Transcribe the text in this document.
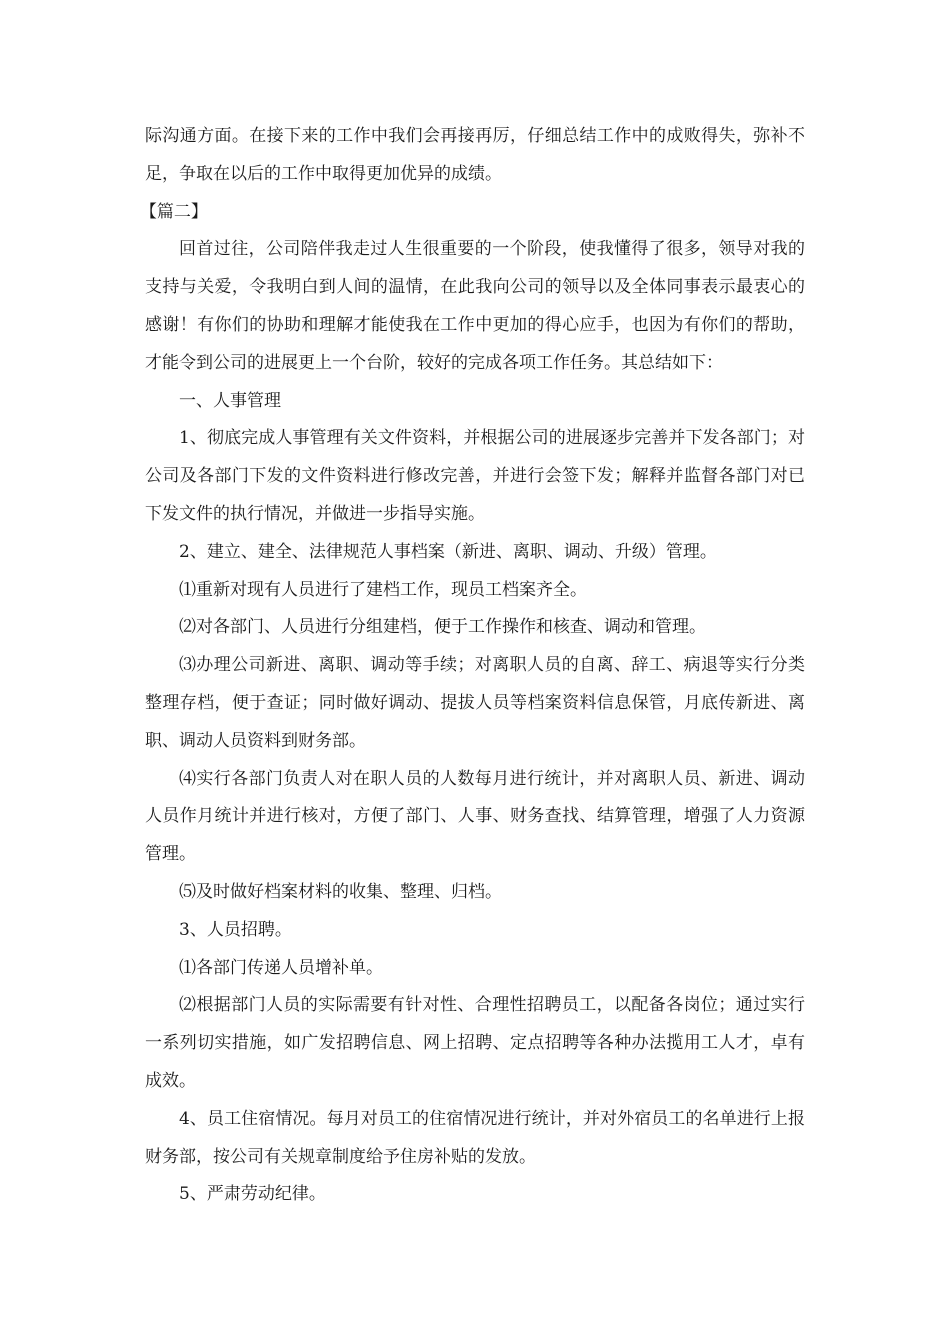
际沟通方面。在接下来的工作中我们会再接再厉，仔细总结工作中的成败得失，弥补不足，争取在以后的工作中取得更加优异的成绩。

【篇二】

回首过往，公司陪伴我走过人生很重要的一个阶段，使我懂得了很多，领导对我的支持与关爱，令我明白到人间的温情，在此我向公司的领导以及全体同事表示最衷心的感谢！有你们的协助和理解才能使我在工作中更加的得心应手，也因为有你们的帮助，才能令到公司的进展更上一个台阶，较好的完成各项工作任务。其总结如下：

一、人事管理

1、彻底完成人事管理有关文件资料，并根据公司的进展逐步完善并下发各部门；对公司及各部门下发的文件资料进行修改完善，并进行会签下发；解释并监督各部门对已下发文件的执行情况，并做进一步指导实施。

2、建立、建全、法律规范人事档案（新进、离职、调动、升级）管理。

⑴重新对现有人员进行了建档工作，现员工档案齐全。

⑵对各部门、人员进行分组建档，便于工作操作和核查、调动和管理。

⑶办理公司新进、离职、调动等手续；对离职人员的自离、辞工、病退等实行分类整理存档，便于查证；同时做好调动、提拔人员等档案资料信息保管，月底传新进、离职、调动人员资料到财务部。

⑷实行各部门负责人对在职人员的人数每月进行统计，并对离职人员、新进、调动人员作月统计并进行核对，方便了部门、人事、财务查找、结算管理，增强了人力资源管理。

⑸及时做好档案材料的收集、整理、归档。

3、人员招聘。

⑴各部门传递人员增补单。

⑵根据部门人员的实际需要有针对性、合理性招聘员工，以配备各岗位；通过实行一系列切实措施，如广发招聘信息、网上招聘、定点招聘等各种办法揽用工人才，卓有成效。

4、员工住宿情况。每月对员工的住宿情况进行统计，并对外宿员工的名单进行上报财务部，按公司有关规章制度给予住房补贴的发放。

5、严肃劳动纪律。
